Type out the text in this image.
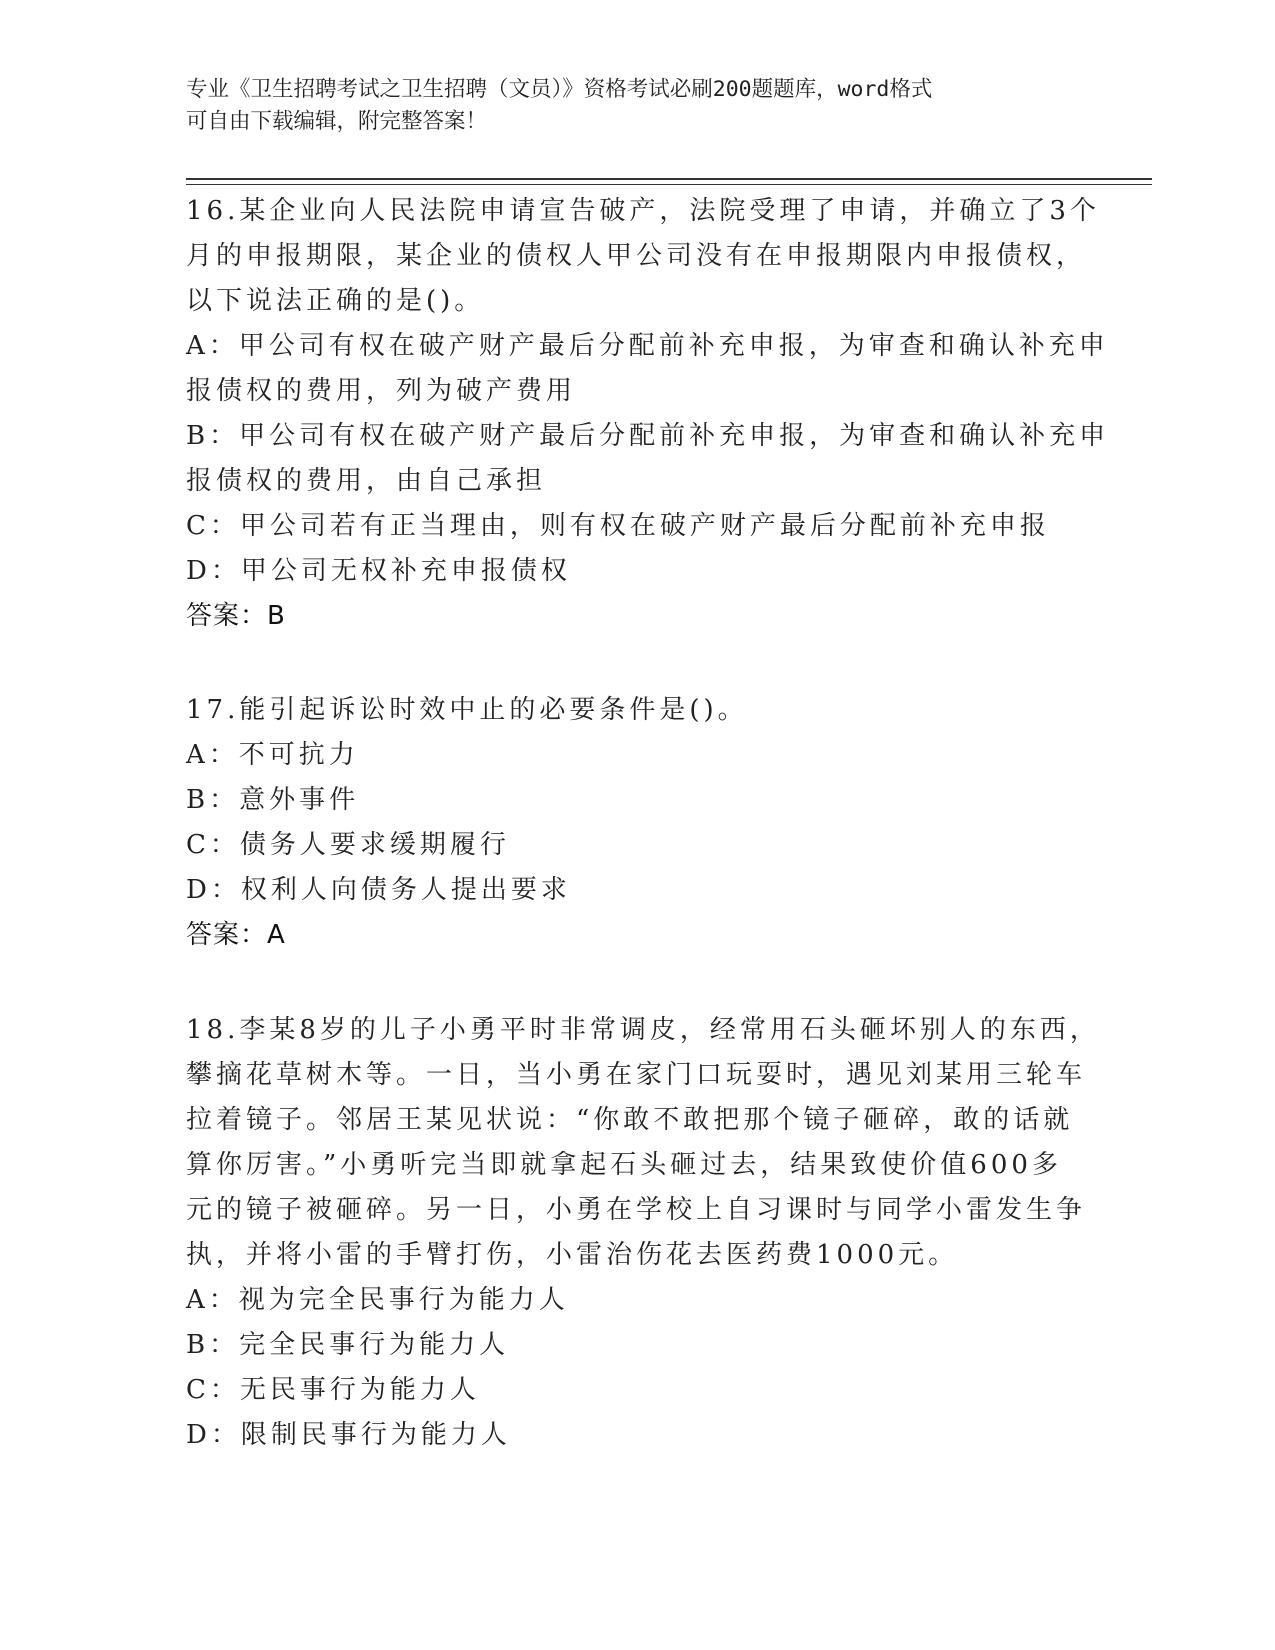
专业《卫生招聘考试之卫生招聘（文员）》资格考试必刷200题题库，word格式
可自由下载编辑，附完整答案！
16.某企业向人民法院申请宣告破产，法院受理了申请，并确立了3个
月的申报期限，某企业的债权人甲公司没有在申报期限内申报债权，
以下说法正确的是()。
A：甲公司有权在破产财产最后分配前补充申报，为审查和确认补充申
报债权的费用，列为破产费用
B：甲公司有权在破产财产最后分配前补充申报，为审查和确认补充申
报债权的费用，由自己承担
C：甲公司若有正当理由，则有权在破产财产最后分配前补充申报
D：甲公司无权补充申报债权
答案：B
17.能引起诉讼时效中止的必要条件是()。
A：不可抗力
B：意外事件
C：债务人要求缓期履行
D：权利人向债务人提出要求
答案：A
18.李某8岁的儿子小勇平时非常调皮，经常用石头砸坏别人的东西，
攀摘花草树木等。一日，当小勇在家门口玩耍时，遇见刘某用三轮车
拉着镜子。邻居王某见状说：“你敢不敢把那个镜子砸碎，敢的话就
算你厉害。”小勇听完当即就拿起石头砸过去，结果致使价值600多
元的镜子被砸碎。另一日，小勇在学校上自习课时与同学小雷发生争
执，并将小雷的手臂打伤，小雷治伤花去医药费1000元。
A：视为完全民事行为能力人
B：完全民事行为能力人
C：无民事行为能力人
D：限制民事行为能力人
